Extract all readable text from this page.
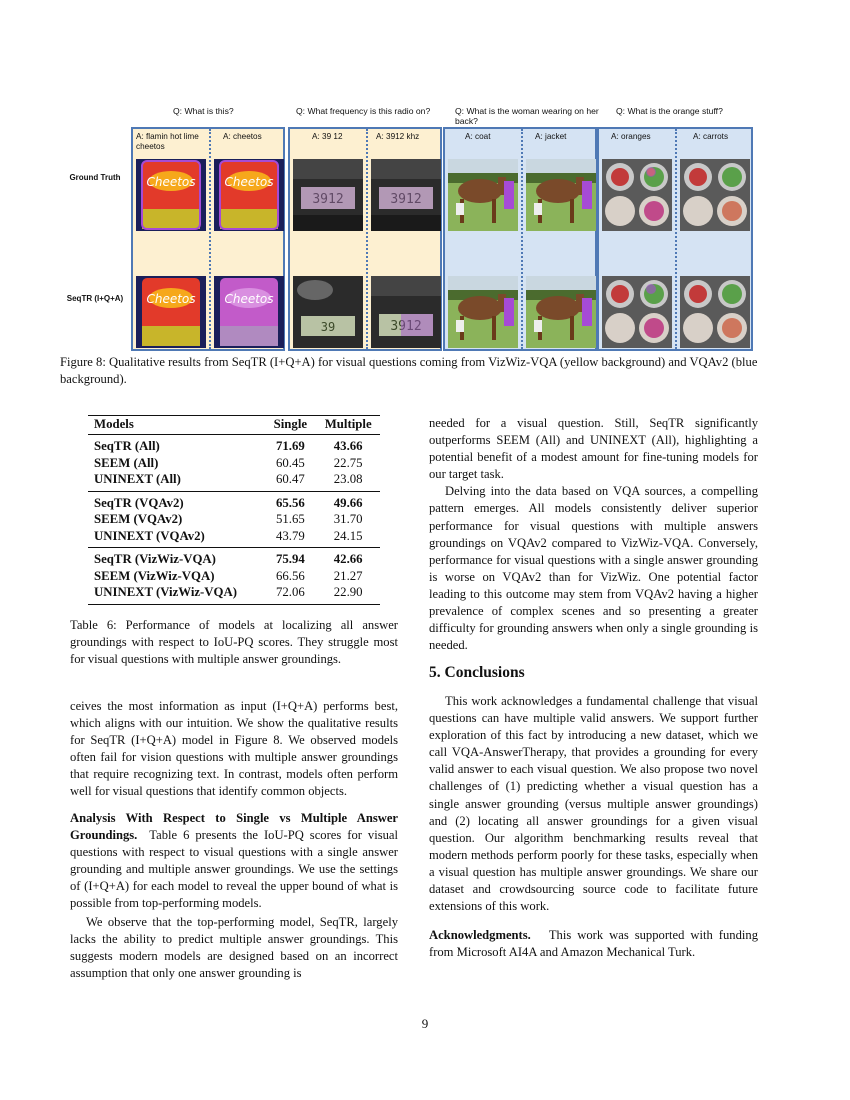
Q: What is this?	Q: What frequency is this radio on?	Q: What is the woman wearing on her back?
Q: What is the orange stuff?
Ground Truth
SeqTR (I+Q+A)
A: flamin hot lime cheetos
A: cheetos
Cheetos Cheetos
Cheetos Cheetos
A: 39 12	A: 3912 khz
3912	3912
39	3912
A: coat	A: jacket	A: oranges	A: carrots
Figure 8: Qualitative results from SeqTR (I+Q+A) for visual questions coming from VizWiz-VQA (yellow background) and VQAv2 (blue background).
Models	Single	Multiple
SeqTR (All)	71.69	43.66
SEEM (All)	60.45	22.75
UNINEXT (All)	60.47	23.08
SeqTR (VQAv2)	65.56	49.66
SEEM (VQAv2)	51.65	31.70
UNINEXT (VQAv2)	43.79	24.15
SeqTR (VizWiz-VQA)	75.94	42.66
SEEM (VizWiz-VQA)	66.56	21.27
UNINEXT (VizWiz-VQA)	72.06	22.90
Table 6: Performance of models at localizing all answer groundings with respect to IoU-PQ scores. They struggle most for visual questions with multiple answer groundings.

ceives the most information as input (I+Q+A) performs best, which aligns with our intuition. We show the qualitative results for SeqTR (I+Q+A) model in Figure 8. We observed models often fail for vision questions with multiple answer groundings that require recognizing text. In contrast, models often perform well for visual questions that identify common objects.

Analysis With Respect to Single vs Multiple Answer Groundings. Table 6 presents the IoU-PQ scores for visual questions with respect to visual questions with a single answer grounding and multiple answer groundings. We use the settings of (I+Q+A) for each model to reveal the upper bound of what is possible from top-performing models.

We observe that the top-performing model, SeqTR, largely lacks the ability to predict multiple answer groundings. This suggests modern models are designed based on an incorrect assumption that only one answer grounding is

needed for a visual question. Still, SeqTR significantly outperforms SEEM (All) and UNINEXT (All), highlighting a potential benefit of a modest amount for fine-tuning models for our target task.

Delving into the data based on VQA sources, a compelling pattern emerges. All models consistently deliver superior performance for visual questions with multiple answers groundings on VQAv2 compared to VizWiz-VQA. Conversely, performance for visual questions with a single answer grounding is worse on VQAv2 than for VizWiz. One potential factor leading to this outcome may stem from VQAv2 having a higher prevalence of complex scenes and so presenting a greater difficulty for grounding answers when only a single grounding is needed.

5. Conclusions

This work acknowledges a fundamental challenge that visual questions can have multiple valid answers. We support further exploration of this fact by introducing a new dataset, which we call VQA-AnswerTherapy, that provides a grounding for every valid answer to each visual question. We also propose two novel challenges of (1) predicting whether a visual question has a single answer grounding (versus multiple answer groundings) and (2) locating all answer groundings for a given visual question. Our algorithm benchmarking results reveal that modern methods perform poorly for these tasks, especially when a visual question has multiple answer groundings. We share our dataset and crowdsourcing source code to facilitate future extensions of this work.

Acknowledgments. This work was supported with funding from Microsoft AI4A and Amazon Mechanical Turk.

9
